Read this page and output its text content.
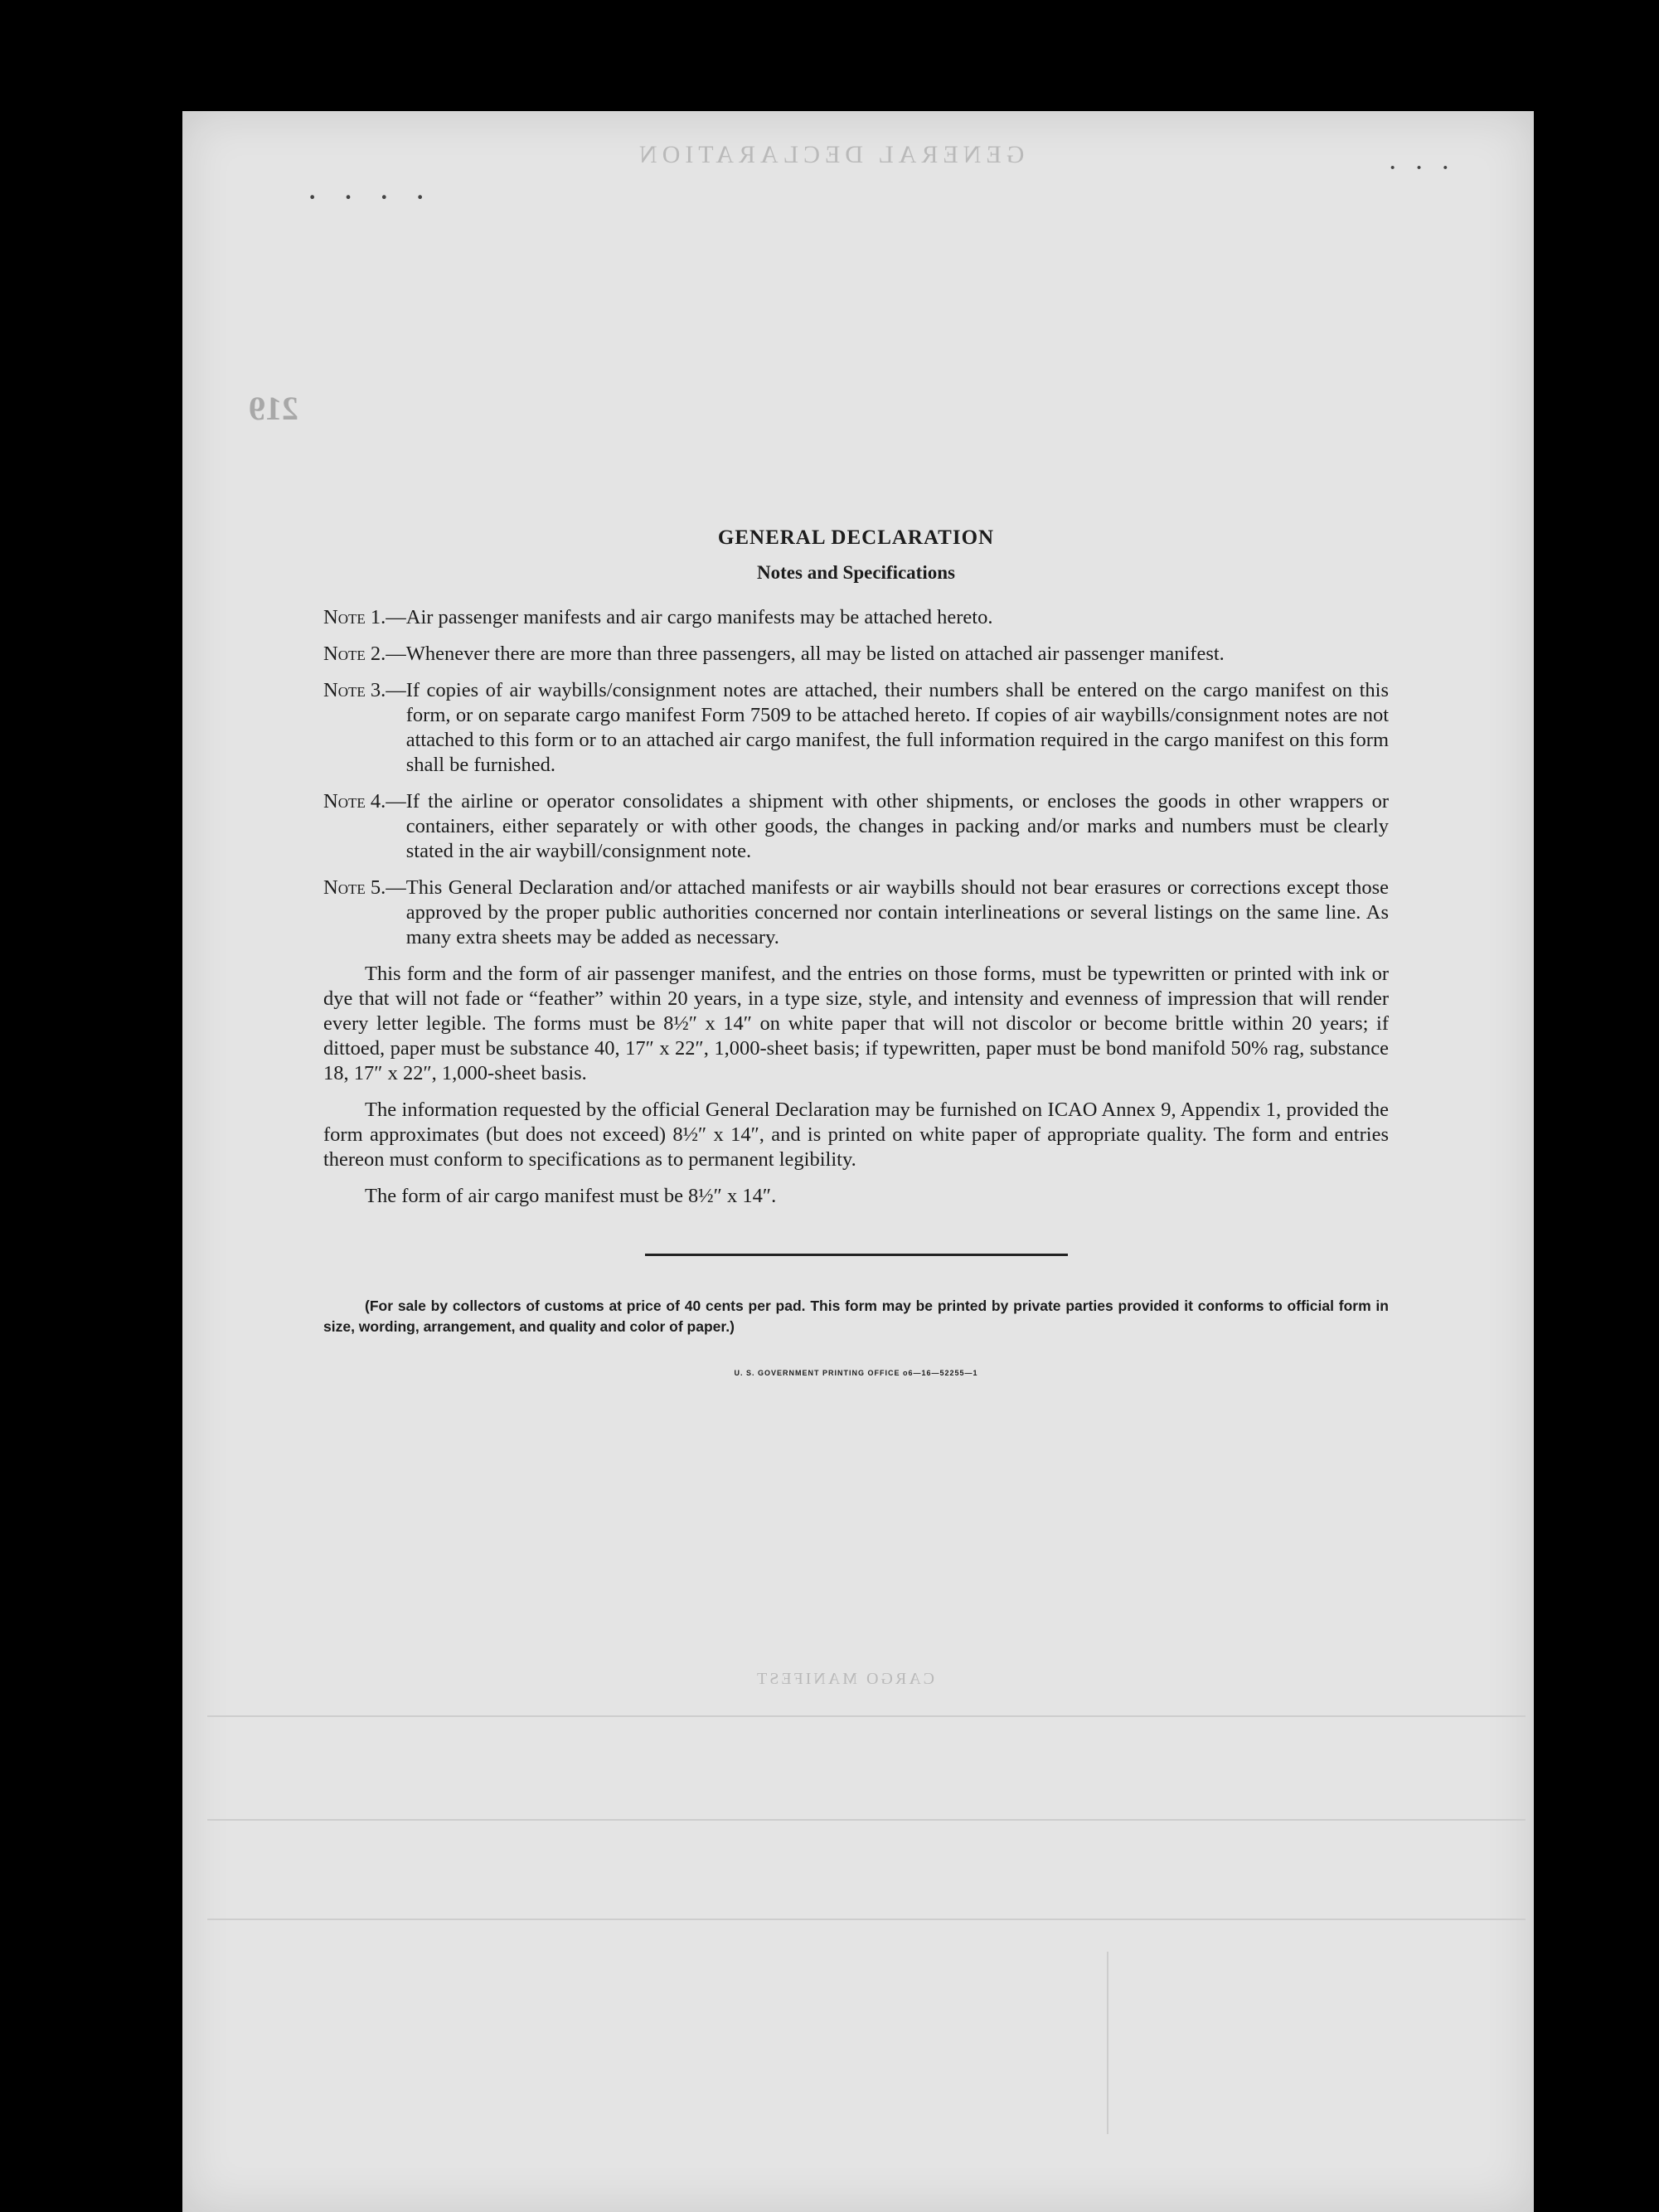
GENERAL DECLARATION
219
CARGO MANIFEST
· · · ·
· · ·
GENERAL DECLARATION
Notes and Specifications
Note 1.— Air passenger manifests and air cargo manifests may be attached hereto.
Note 2.— Whenever there are more than three passengers, all may be listed on attached air passenger manifest.
Note 3.— If copies of air waybills/consignment notes are attached, their numbers shall be entered on the cargo manifest on this form, or on separate cargo manifest Form 7509 to be attached hereto. If copies of air waybills/consignment notes are not attached to this form or to an attached air cargo manifest, the full information required in the cargo manifest on this form shall be furnished.
Note 4.— If the airline or operator consolidates a shipment with other shipments, or encloses the goods in other wrappers or containers, either separately or with other goods, the changes in packing and/or marks and numbers must be clearly stated in the air waybill/consignment note.
Note 5.— This General Declaration and/or attached manifests or air waybills should not bear erasures or corrections except those approved by the proper public authorities concerned nor contain interlineations or several listings on the same line. As many extra sheets may be added as necessary.

This form and the form of air passenger manifest, and the entries on those forms, must be typewritten or printed with ink or dye that will not fade or “feather” within 20 years, in a type size, style, and intensity and evenness of impression that will render every letter legible. The forms must be 8½″ x 14″ on white paper that will not discolor or become brittle within 20 years; if dittoed, paper must be substance 40, 17″ x 22″, 1,000-sheet basis; if typewritten, paper must be bond manifold 50% rag, substance 18, 17″ x 22″, 1,000-sheet basis.

The information requested by the official General Declaration may be furnished on ICAO Annex 9, Appendix 1, provided the form approximates (but does not exceed) 8½″ x 14″, and is printed on white paper of appropriate quality. The form and entries thereon must conform to specifications as to permanent legibility.

The form of air cargo manifest must be 8½″ x 14″.

(For sale by collectors of customs at price of 40 cents per pad. This form may be printed by private parties provided it conforms to official form in size, wording, arrangement, and quality and color of paper.)

U. S. GOVERNMENT PRINTING OFFICE o6—16—52255—1
